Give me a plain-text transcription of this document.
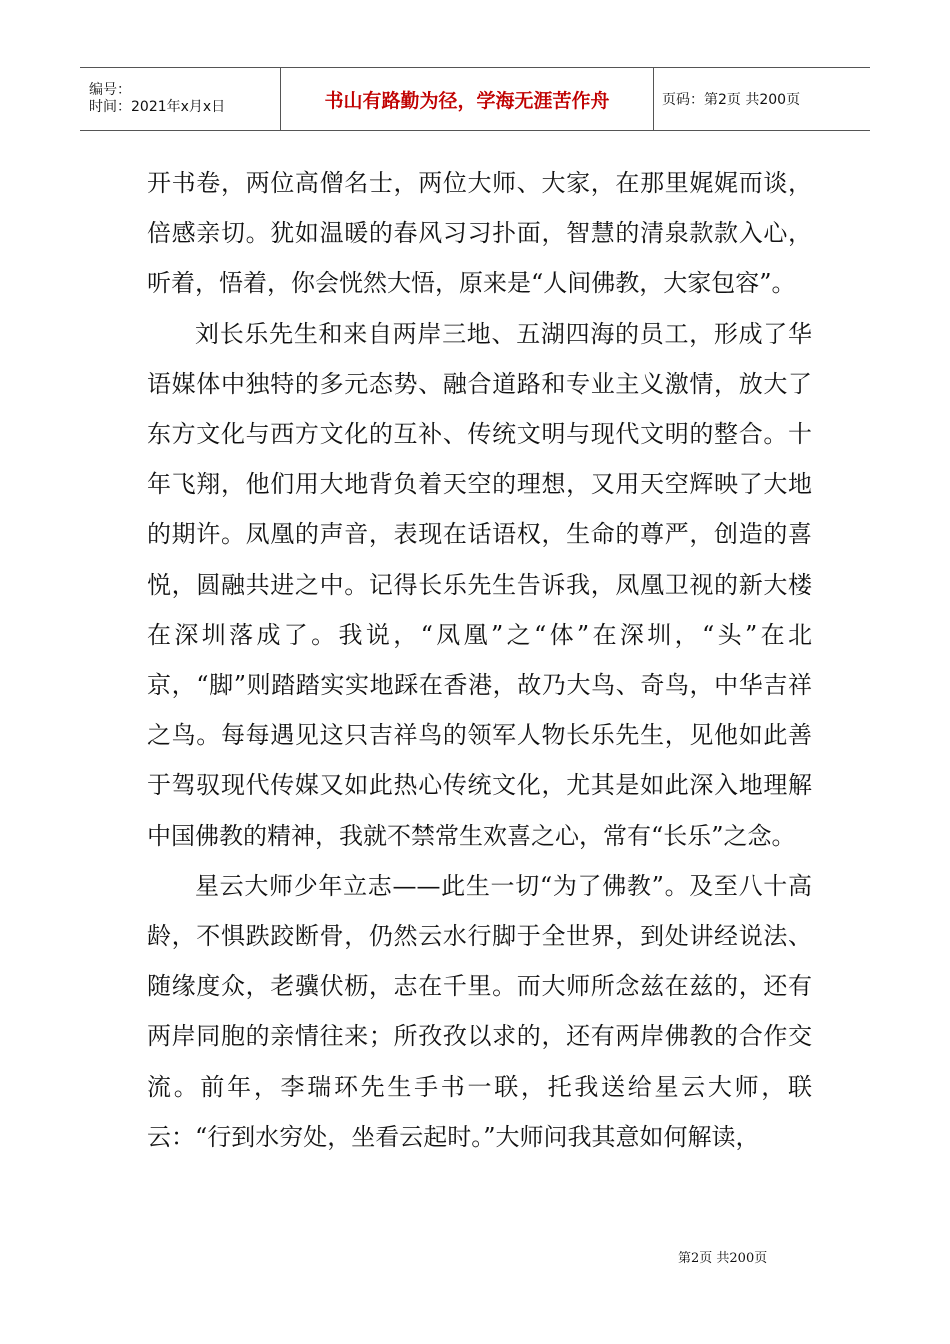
编号：
时间：2021年x月x日	书山有路勤为径，学海无涯苦作舟	页码：第2页 共200页

开书卷，两位高僧名士，两位大师、大家，在那里娓娓而谈，倍感亲切。犹如温暖的春风习习扑面，智慧的清泉款款入心，听着，悟着，你会恍然大悟，原来是“人间佛教，大家包容”。

刘长乐先生和来自两岸三地、五湖四海的员工，形成了华语媒体中独特的多元态势、融合道路和专业主义激情，放大了东方文化与西方文化的互补、传统文明与现代文明的整合。十年飞翔，他们用大地背负着天空的理想，又用天空辉映了大地的期许。凤凰的声音，表现在话语权，生命的尊严，创造的喜悦，圆融共进之中。记得长乐先生告诉我，凤凰卫视的新大楼在深圳落成了。我说，“凤凰”之“体”在深圳，“头”在北京，“脚”则踏踏实实地踩在香港，故乃大鸟、奇鸟，中华吉祥之鸟。每每遇见这只吉祥鸟的领军人物长乐先生，见他如此善于驾驭现代传媒又如此热心传统文化，尤其是如此深入地理解中国佛教的精神，我就不禁常生欢喜之心，常有“长乐”之念。

星云大师少年立志——此生一切“为了佛教”。及至八十高龄，不惧跌跤断骨，仍然云水行脚于全世界，到处讲经说法、随缘度众，老骥伏枥，志在千里。而大师所念兹在兹的，还有两岸同胞的亲情往来；所孜孜以求的，还有两岸佛教的合作交流。前年，李瑞环先生手书一联，托我送给星云大师，联云：“行到水穷处，坐看云起时。”大师问我其意如何解读，

第2页 共200页
